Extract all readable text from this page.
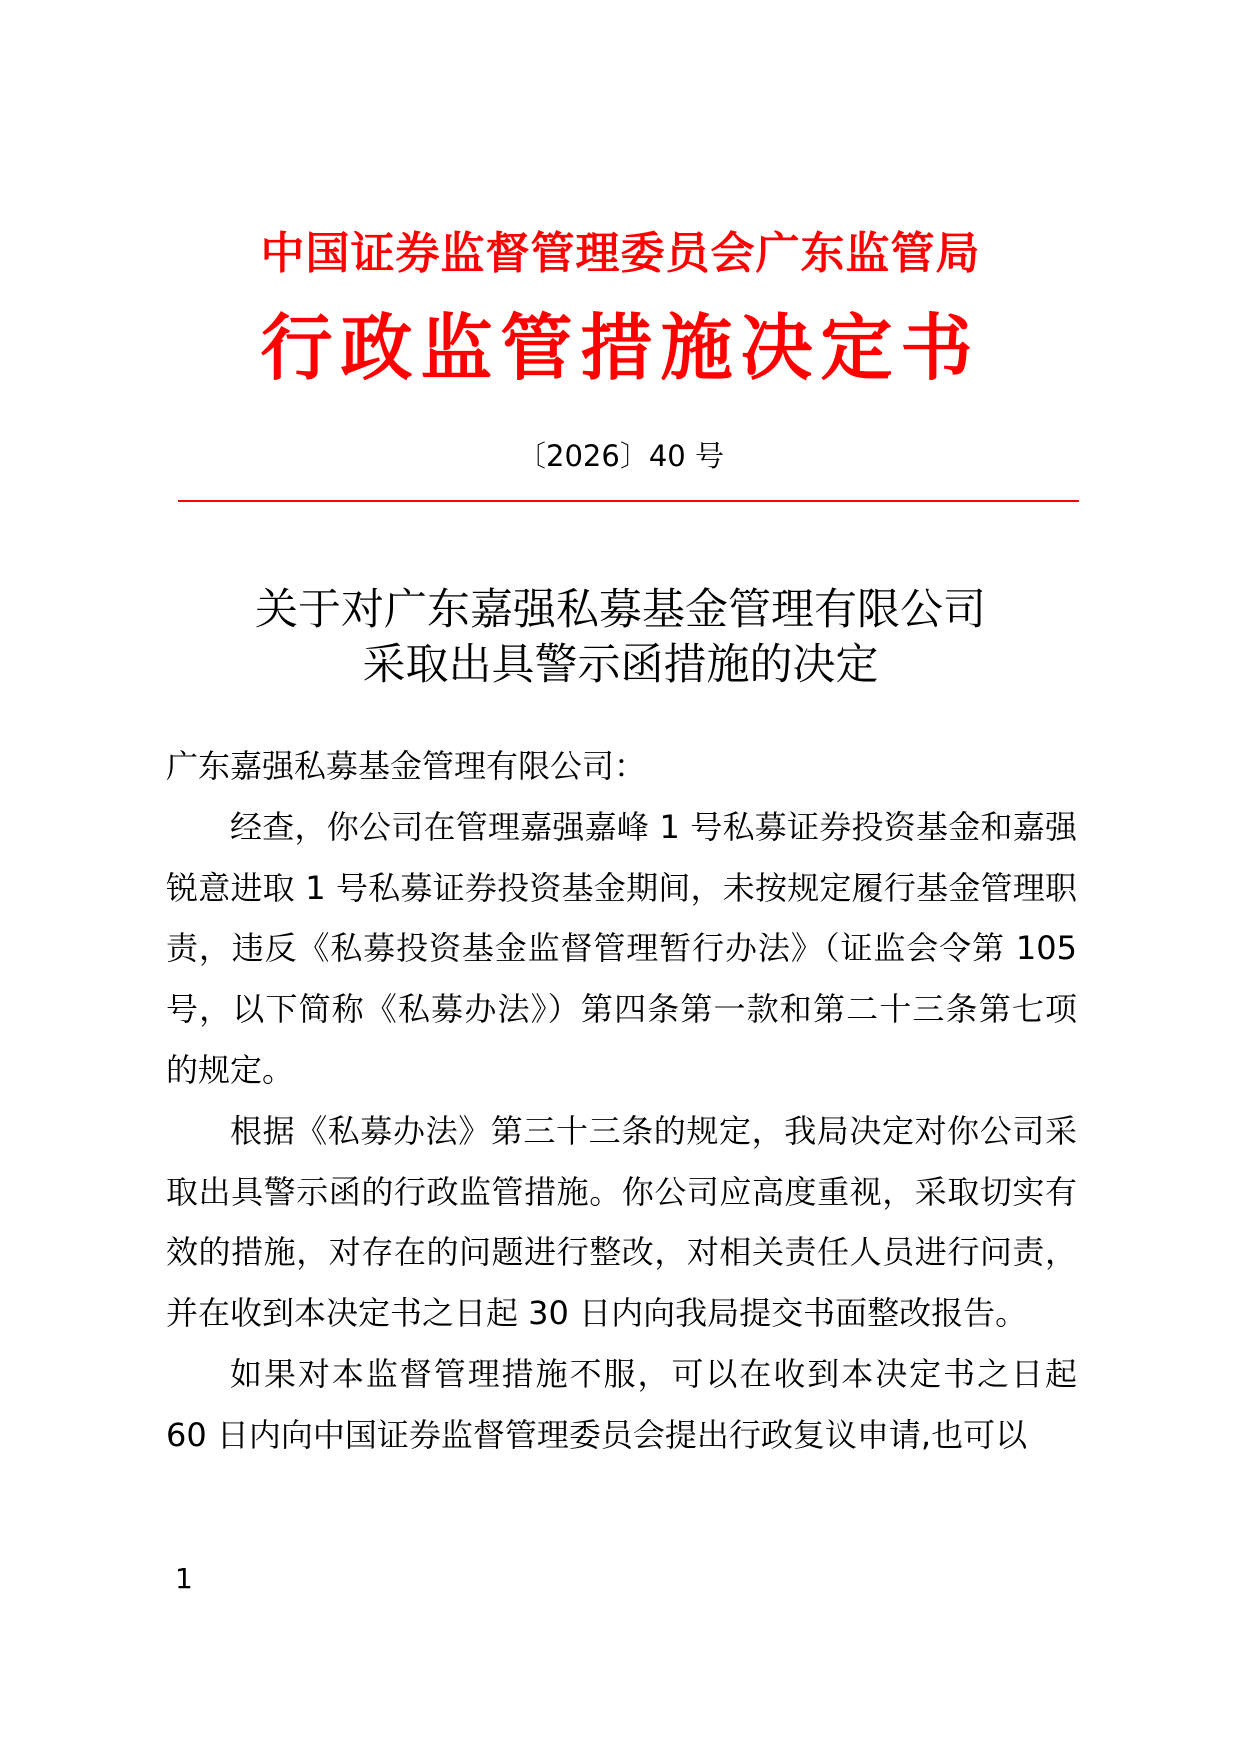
中国证券监督管理委员会广东监管局
行政监管措施决定书
〔2026〕40 号
关于对广东嘉强私募基金管理有限公司
采取出具警示函措施的决定

广东嘉强私募基金管理有限公司：

经查，你公司在管理嘉强嘉峰 1 号私募证券投资基金和嘉强锐意进取 1 号私募证券投资基金期间，未按规定履行基金管理职责，违反《私募投资基金监督管理暂行办法》（证监会令第 105 号，以下简称《私募办法》）第四条第一款和第二十三条第七项的规定。

根据《私募办法》第三十三条的规定，我局决定对你公司采取出具警示函的行政监管措施。你公司应高度重视，采取切实有效的措施，对存在的问题进行整改，对相关责任人员进行问责，并在收到本决定书之日起 30 日内向我局提交书面整改报告。

如果对本监督管理措施不服，可以在收到本决定书之日起 60 日内向中国证券监督管理委员会提出行政复议申请,也可以

1
